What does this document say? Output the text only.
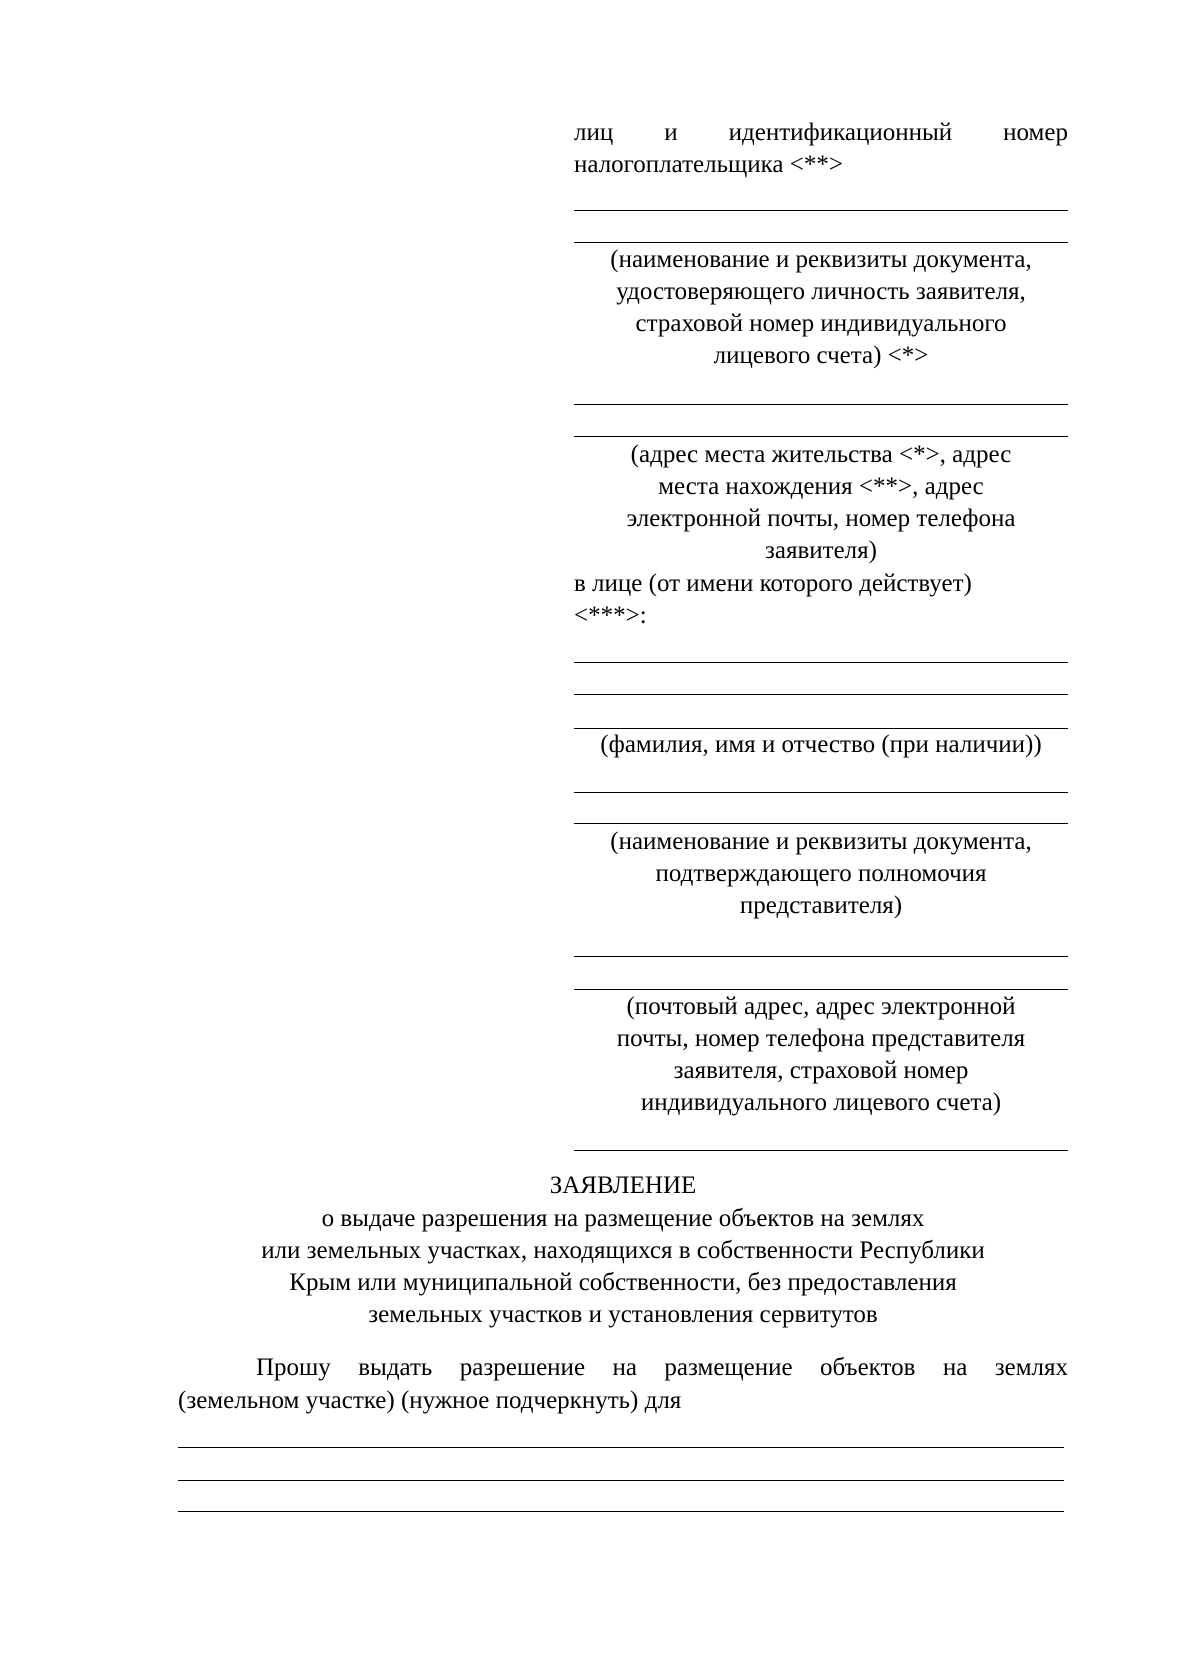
лиц и идентификационный номер
налогоплательщика <**>
(наименование и реквизиты документа,
удостоверяющего личность заявителя,
страховой номер индивидуального
лицевого счета) <*>
(адрес места жительства <*>, адрес
места нахождения <**>, адрес
электронной почты, номер телефона
заявителя)
в лице (от имени которого действует)
<***>:
(фамилия, имя и отчество (при наличии))
(наименование и реквизиты документа,
подтверждающего полномочия
представителя)
(почтовый адрес, адрес электронной
почты, номер телефона представителя
заявителя, страховой номер
индивидуального лицевого счета)
ЗАЯВЛЕНИЕ
о выдаче разрешения на размещение объектов на землях
или земельных участках, находящихся в собственности Республики
Крым или муниципальной собственности, без предоставления
земельных участков и установления сервитутов
Прошу выдать разрешение на размещение объектов на землях
(земельном участке) (нужное подчеркнуть) для
